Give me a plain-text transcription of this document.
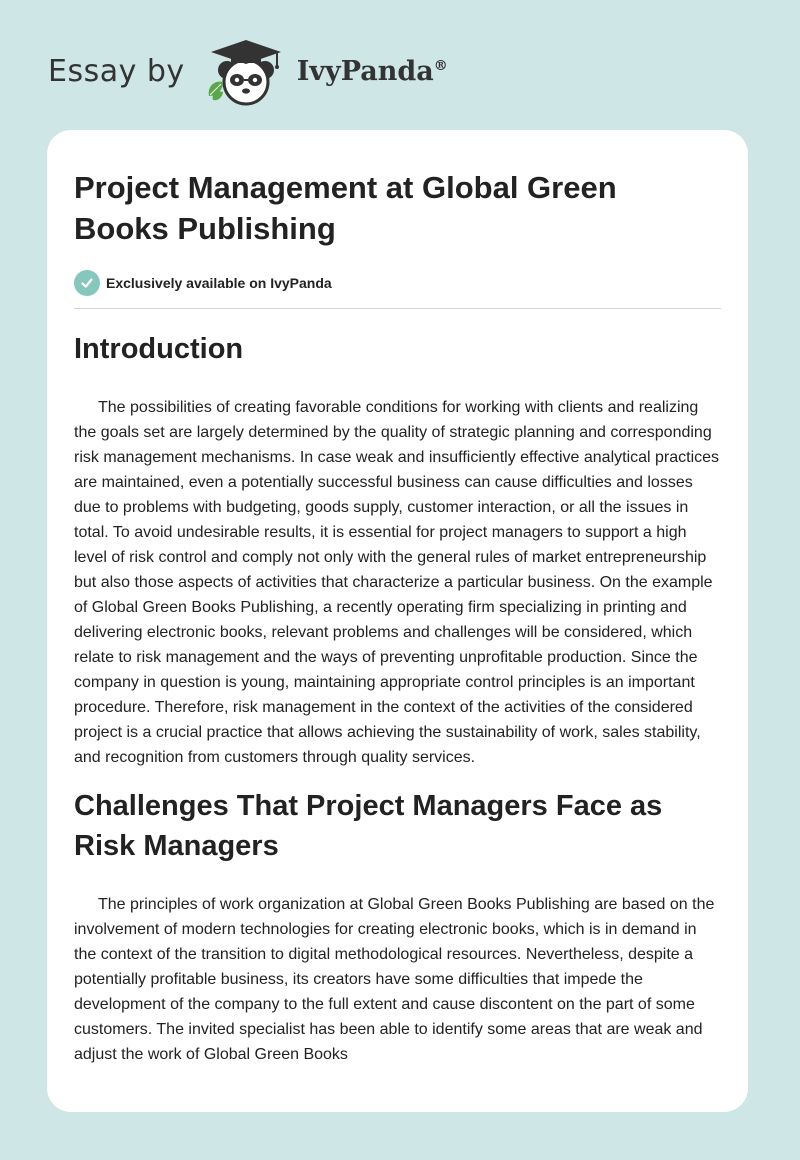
Essay by	IvyPanda®
Project Management at Global Green Books Publishing
Exclusively available on IvyPanda
Introduction

The possibilities of creating favorable conditions for working with clients and realizing the goals set are largely determined by the quality of strategic planning and corresponding risk management mechanisms. In case weak and insufficiently effective analytical practices are maintained, even a potentially successful business can cause difficulties and losses due to problems with budgeting, goods supply, customer interaction, or all the issues in total. To avoid undesirable results, it is essential for project managers to support a high level of risk control and comply not only with the general rules of market entrepreneurship but also those aspects of activities that characterize a particular business. On the example of Global Green Books Publishing, a recently operating firm specializing in printing and delivering electronic books, relevant problems and challenges will be considered, which relate to risk management and the ways of preventing unprofitable production. Since the company in question is young, maintaining appropriate control principles is an important procedure. Therefore, risk management in the context of the activities of the considered project is a crucial practice that allows achieving the sustainability of work, sales stability, and recognition from customers through quality services.

Challenges That Project Managers Face as Risk Managers

The principles of work organization at Global Green Books Publishing are based on the involvement of modern technologies for creating electronic books, which is in demand in the context of the transition to digital methodological resources. Nevertheless, despite a potentially profitable business, its creators have some difficulties that impede the development of the company to the full extent and cause discontent on the part of some customers. The invited specialist has been able to identify some areas that are weak and adjust the work of Global Green Books
